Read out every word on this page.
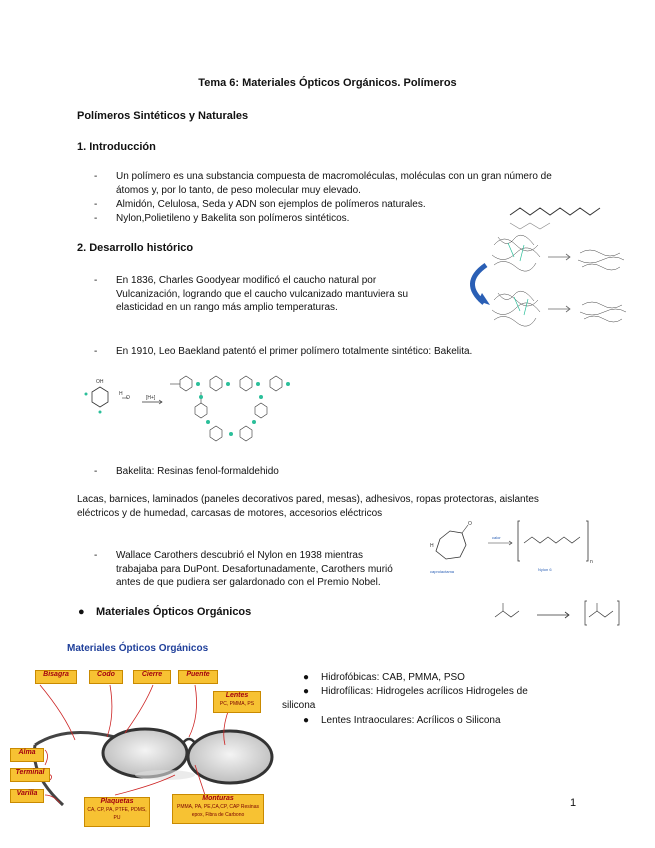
Tema 6: Materiales Ópticos Orgánicos. Polímeros
Polímeros Sintéticos y Naturales
1. Introducción
- Un polímero es una substancia compuesta de macromoléculas, moléculas con un gran número de átomos y, por lo tanto, de peso molecular muy elevado.
- Almidón, Celulosa, Seda y ADN son ejemplos de polímeros naturales.
- Nylon,Polietileno y Bakelita son polímeros sintéticos.
2. Desarrollo histórico
- En 1836, Charles Goodyear modificó el caucho natural por Vulcanización, logrando que el caucho vulcanizado mantuviera su elasticidad en un rango más amplio temperaturas.
- En 1910, Leo Baekland patentó el primer polímero totalmente sintético: Bakelita.
OH
H
O	[H+]
- Bakelita: Resinas fenol-formaldehido
Lacas, barnices, laminados (paneles decorativos pared, mesas), adhesivos, ropas protectoras, aislantes eléctricos y de humedad, carcasas de motores, accesorios eléctricos
O
H
caprolactama
calor
n
Nylon 6
- Wallace Carothers descubrió el Nylon en 1938 mientras trabajaba para DuPont. Desafortunadamente, Carothers murió antes de que pudiera ser galardonado con el Premio Nobel.
● Materiales Ópticos Orgánicos
Materiales Ópticos Orgánicos
Bisagra	Codo	Cierre	Puente
Lentes
PC, PMMA, PS
Alma
Terminal
Varilla
Plaquetas
CA, CP, PA, PTFE, PDMS, PU
Monturas
PMMA, PA, PE,CA,CP, CAP Resinas epox, Fibra de Carbono
● Hidrofóbicas: CAB, PMMA, PSO
● Hidrofílicas: Hidrogeles acrílicos Hidrogeles de silicona
● Lentes Intraoculares: Acrílicos o Silicona
1
